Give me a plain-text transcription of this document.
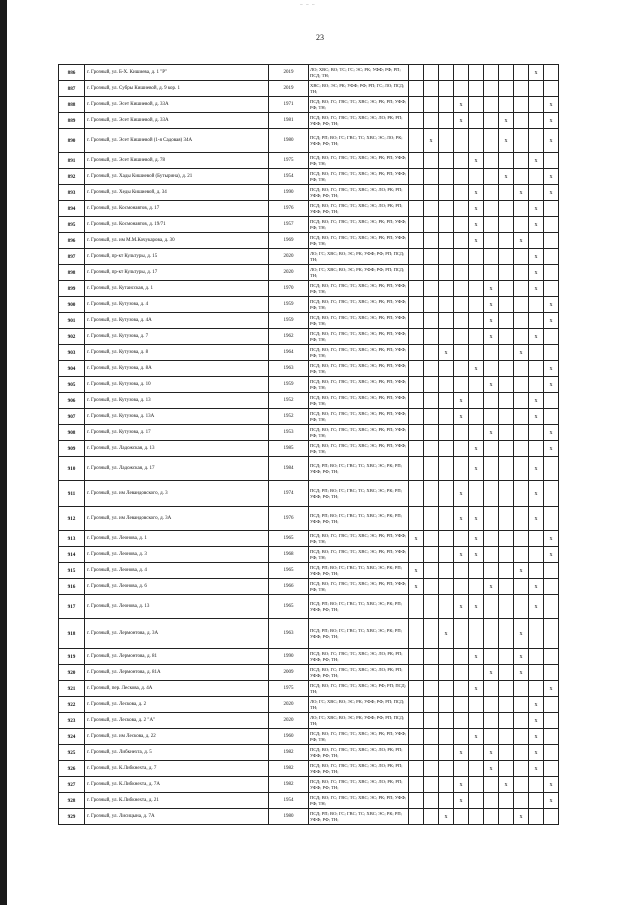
~ ~ ~
23
886	г. Грозный, ул. Б-Х. Кишиева, д. 1 "Р"	2019	ЛО; ХВС; ВО; ТС; ГС; ЭС; РК; УФФ; РФ; РП; ПСД; ТН;									x	
887	г. Грозный, ул. Субры Кишиевой, д. 9 кор. 1	2019	ХВС; ВО; ЭС; РК; УФФ; РФ; РП; ГС; ЛО; ПСД; ТН;										
888	г. Грозный, ул. Эсет Кишиевой, д. 33А	1971	ПСД; ВО; ГС; ГВС; ТС; ХВС; ЭС; РК; РП; УФФ; РФ; ТН;				x						x
889	г. Грозный, ул. Эсет Кишиевой, д. 33А	1981	ПСД; ВО; ГС; ГВС; ТС; ХВС; ЭС; ЛО; РК; РП; УФФ; РФ; ТН;				x			x			x
890	г. Грозный, ул. Эсет Кишиевой (1-я Садовая) 34А	1980	ПСД; РП; ВО; ГС; ГВС; ТС; ХВС; ЭС; ЛО; РК; УФФ; РФ; ТН;		x					x			x
891	г. Грозный, ул. Эсет Кишиевой, д. 78	1975	ПСД; ВО; ГС; ГВС; ТС; ХВС; ЭС; РК; РП; УФФ; РФ; ТН;					x				x	
892	г. Грозный, ул. Хады Кишиевой (Бутырина), д. 21	1954	ПСД; ВО; ГС; ГВС; ТС; ХВС; ЭС; РК; РП; УФФ; РФ; ТН;							x			x
893	г. Грозный, ул. Хеды Кишиевой, д. 34	1990	ПСД; ВО; ГС; ГВС; ТС; ХВС; ЭС; ЛО; РК; РП; УФФ; РФ; ТН;					x			x		x
894	г. Грозный, ул. Космонавтов, д. 17	1976	ПСД; ВО; ГС; ГВС; ТС; ХВС; ЭС; ЛО; РК; РП; УФФ; РФ; ТН;					x				x	
895	г. Грозный, ул. Космонавтов, д. 19/71	1957	ПСД; ВО; ГС; ГВС; ТС; ХВС; ЭС; РК; РП; УФФ; РФ; ТН;					x				x	
896	г. Грозный, ул. им М.М.Кочукарова, д. 30	1969	ПСД; ВО; ГС; ГВС; ТС; ХВС; ЭС; РК; РП; УФФ; РФ; ТН;					x			x		
897	г. Грозный, пр-кт Культуры, д. 15	2020	ЛО; ГС; ХВС; ВО; ЭС; РК; УФФ; РФ; РП; ПСД; ТН;									x	
898	г. Грозный, пр-кт Культуры, д. 17	2020	ЛО; ГС; ХВС; ВО; ЭС; РК; УФФ; РФ; РП; ПСД; ТН;									x	
899	г. Грозный, ул. Кутаисская, д. 1	1970	ПСД; ВО; ГС; ГВС; ТС; ХВС; ЭС; РК; РП; УФФ; РФ; ТН;						x			x	
900	г. Грозный, ул. Кутузова, д. 4	1959	ПСД; ВО; ГС; ГВС; ТС; ХВС; ЭС; РК; РП; УФФ; РФ; ТН;						x				x
901	г. Грозный, ул. Кутузова, д. 4А	1959	ПСД; ВО; ГС; ГВС; ТС; ХВС; ЭС; РК; РП; УФФ; РФ; ТН;						x				x
902	г. Грозный, ул. Кутузова, д. 7	1962	ПСД; ВО; ГС; ГВС; ТС; ХВС; ЭС; РК; РП; УФФ; РФ; ТН;						x			x	
903	г. Грозный, ул. Кутузова, д. 8	1964	ПСД; ВО; ГС; ГВС; ТС; ХВС; ЭС; РК; РП; УФФ; РФ; ТН;			x					x		
904	г. Грозный, ул. Кутузова, д. 8А	1963	ПСД; ВО; ГС; ГВС; ТС; ХВС; ЭС; РК; РП; УФФ; РФ; ТН;					x					x
905	г. Грозный, ул. Кутузова, д. 10	1959	ПСД; ВО; ГС; ГВС; ТС; ХВС; ЭС; РК; РП; УФФ; РФ; ТН;						x				x
906	г. Грозный, ул. Кутузова, д. 13	1952	ПСД; ВО; ГС; ГВС; ТС; ХВС; ЭС; РК; РП; УФФ; РФ; ТН;				x					x	
907	г. Грозный, ул. Кутузова, д. 13А	1952	ПСД; ВО; ГС; ГВС; ТС; ХВС; ЭС; РК; РП; УФФ; РФ; ТН;				x					x	
908	г. Грозный, ул. Кутузова, д. 17	1953	ПСД; ВО; ГС; ГВС; ТС; ХВС; ЭС; РК; РП; УФФ; РФ; ТН;						x				x
909	г. Грозный, ул. Ладожская, д. 13	1985	ПСД; ВО; ГС; ГВС; ТС; ХВС; ЭС; РК; РП; УФФ; РФ; ТН;					x					x
910	г. Грозный, ул. Ладожская, д. 17	1984	ПСД; РП; ВО; ГС; ГВС; ТС; ХВС; ЭС; РК; РП; УФФ; РФ; ТН;					x				x	
911	г. Грозный, ул. им Левандовского, д. 3	1974	ПСД; РП; ВО; ГС; ГВС; ТС; ХВС; ЭС; РК; РП; УФФ; РФ; ТН;				x					x	
912	г. Грозный, ул. им Левандовского, д. 3А	1976	ПСД; РП; ВО; ГС; ГВС; ТС; ХВС; ЭС; РК; РП; УФФ; РФ; ТН;				x	x				x	
913	г. Грозный, ул. Леонова, д. 1	1965	ПСД; ВО; ГС; ГВС; ТС; ХВС; ЭС; РК; РП; УФФ; РФ; ТН;	x				x					x
914	г. Грозный, ул. Леонова, д. 3	1968	ПСД; ВО; ГС; ГВС; ТС; ХВС; ЭС; РК; РП; УФФ; РФ; ТН;				x	x					x
915	г. Грозный, ул. Леонова, д. 4	1965	ПСД; РП; ВО; ГС; ГВС; ТС; ХВС; ЭС; РК; РП; УФФ; РФ; ТН;	x							x		
916	г. Грозный, ул. Леонова, д. 6	1966	ПСД; ВО; ГС; ГВС; ТС; ХВС; ЭС; РК; РП; УФФ; РФ; ТН;	x					x			x	
917	г. Грозный, ул. Леонова, д. 13	1965	ПСД; РП; ВО; ГС; ГВС; ТС; ХВС; ЭС; РК; РП; УФФ; РФ; ТН;				x	x				x	
918	г. Грозный, ул. Лермонтова, д. 3А	1963	ПСД; РП; ВО; ГС; ГВС; ТС; ХВС; ЭС; РК; РП; УФФ; РФ; ТН;			x					x		
919	г. Грозный, ул. Лермонтова, д. 81	1990	ПСД; ВО; ГС; ГВС; ТС; ХВС; ЭС; ЛО; РК; РП; УФФ; РФ; ТН;					x			x		
920	г. Грозный, ул. Лермонтова, д. 81А	2009	ПСД; ВО; ГС; ГВС; ТС; ХВС; ЭС; ЛО; РК; РП; УФФ; РФ; ТН;						x		x		
921	г. Грозный, пер. Лескова, д. 4А	1975	ПСД; ВО; ГС; ГВС; ТС; ХВС; ЭС; РФ; РП; ПСД; ТН;					x					x
922	г. Грозный, ул. Лескова, д. 2	2020	ЛО; ГС; ХВС; ВО; ЭС; РК; УФФ; РФ; РП; ПСД; ТН;									x	
923	г. Грозный, ул. Лескова, д. 2 "А"	2020	ЛО; ГС; ХВС; ВО; ЭС; РК; УФФ; РФ; РП; ПСД; ТН;									x	
924	г. Грозный, ул. им Лескова, д. 22	1960	ПСД; ВО; ГС; ГВС; ТС; ХВС; ЭС; РК; РП; УФФ; РФ; ТН;					x				x	
925	г. Грозный, ул. Либкнехта, д. 5	1982	ПСД; ВО; ГС; ГВС; ТС; ХВС; ЭС; ЛО; РК; РП; УФФ; РФ; ТН;				x		x			x	
926	г. Грозный, ул. К.Либкнехта, д. 7	1982	ПСД; ВО; ГС; ГВС; ТС; ХВС; ЭС; ЛО; РК; РП; УФФ; РФ; ТН;						x			x	
927	г. Грозный, ул. К.Либкнехта, д. 7А	1982	ПСД; ВО; ГС; ГВС; ТС; ХВС; ЭС; ЛО; РК; РП; УФФ; РФ; ТН;				x			x			x
928	г. Грозный, ул. К.Либкнехта, д. 21	1954	ПСД; ВО; ГС; ГВС; ТС; ХВС; ЭС; РК; РП; УФФ; РФ; ТН;				x						x
929	г. Грозный, ул. Лисицына, д. 7А	1980	ПСД; РП; ВО; ГС; ГВС; ТС; ХВС; ЭС; РК; РП; УФФ; РФ; ТН;			x					x		
